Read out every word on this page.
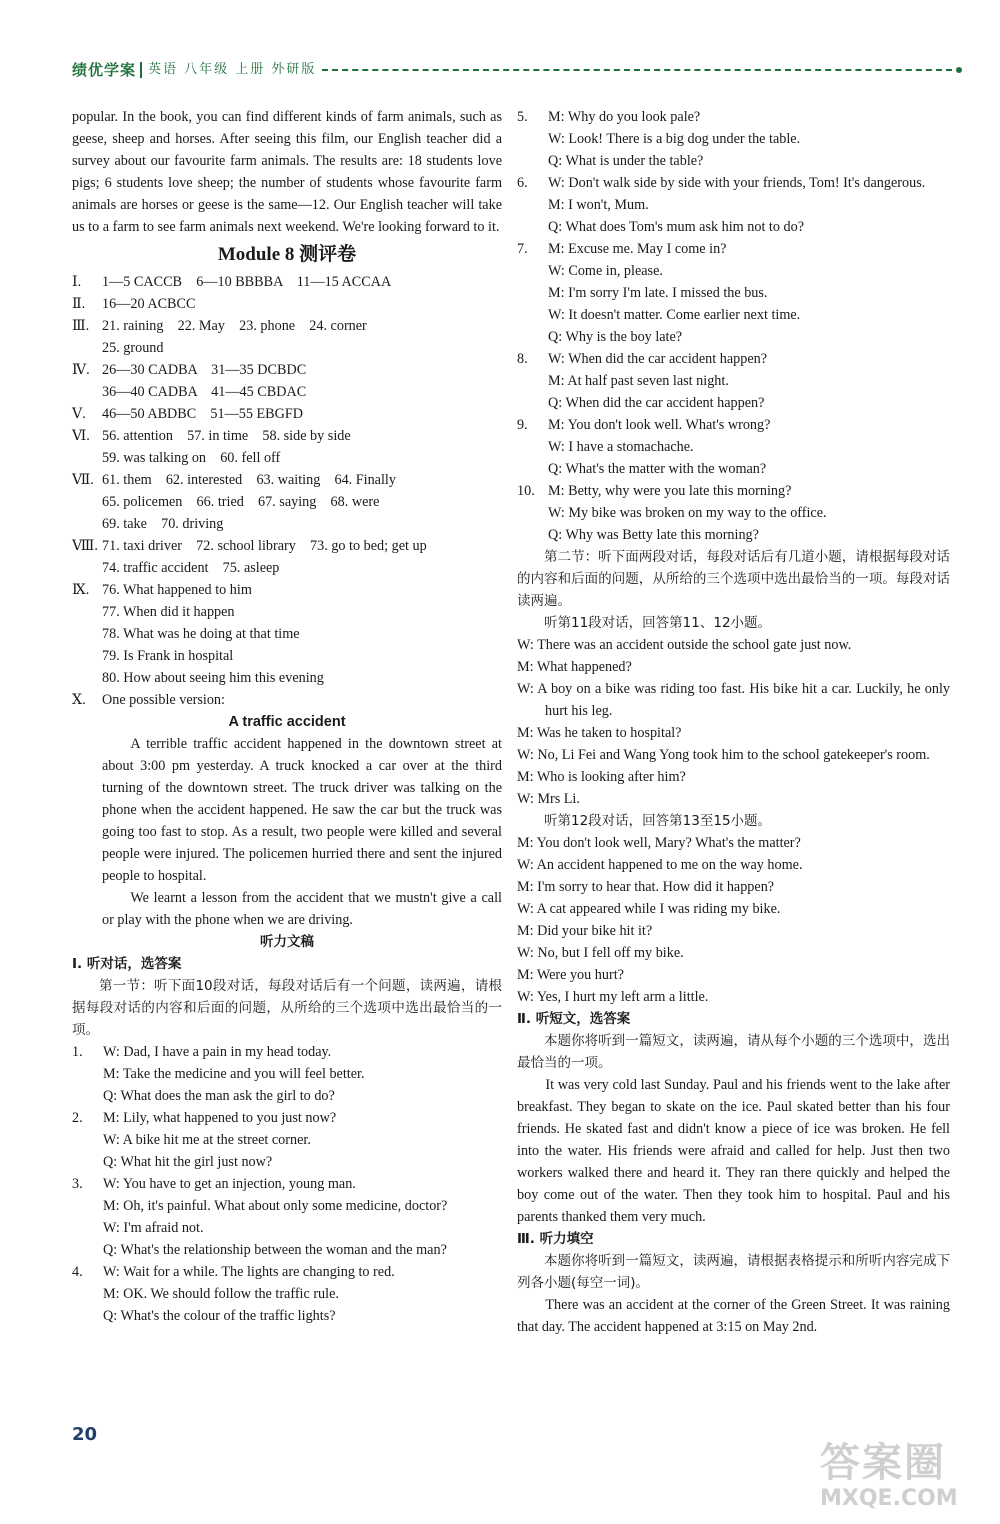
绩优学案 英语 八年级 上册 外研版
popular. In the book, you can find different kinds of farm animals, such as geese, sheep and horses. After seeing this film, our English teacher did a survey about our favourite farm animals. The results are: 18 students love pigs; 6 students love sheep; the number of students whose favourite farm animals are horses or geese is the same—12. Our English teacher will take us to a farm to see farm animals next weekend. We're looking forward to it.
Module 8 测评卷
Ⅰ.	1—5 CACCB　6—10 BBBBA　11—15 ACCAA
Ⅱ.	16—20 ACBCC
Ⅲ. 21. raining　22. May　23. phone　24. corner
25. ground
Ⅳ. 26—30 CADBA　31—35 DCBDC
36—40 CADBA　41—45 CBDAC
Ⅴ.	46—50 ABDBC　51—55 EBGFD
Ⅵ. 56. attention　57. in time　58. side by side
59. was talking on　60. fell off
Ⅶ. 61. them　62. interested　63. waiting　64. Finally
65. policemen　66. tried　67. saying　68. were
69. take　70. driving
Ⅷ. 71. taxi driver　72. school library　73. go to bed; get up
74. traffic accident　75. asleep
Ⅸ. 76. What happened to him
77. When did it happen
78. What was he doing at that time
79. Is Frank in hospital
80. How about seeing him this evening
Ⅹ.	One possible version:
A traffic accident
A terrible traffic accident happened in the downtown street at about 3:00 pm yesterday. A truck knocked a car over at the third turning of the downtown street. The truck driver was talking on the phone when the accident happened. He saw the car but the truck was going too fast to stop. As a result, two people were killed and several people were injured. The policemen hurried there and sent the injured people to hospital.
We learnt a lesson from the accident that we mustn't give a call or play with the phone when we are driving.
听力文稿
Ⅰ. 听对话，选答案
第一节：听下面10段对话，每段对话后有一个问题，读两遍，请根据每段对话的内容和后面的问题，从所给的三个选项中选出最恰当的一项。
1.	W: Dad, I have a pain in my head today.
M: Take the medicine and you will feel better.
Q: What does the man ask the girl to do?
2.	M: Lily, what happened to you just now?
W: A bike hit me at the street corner.
Q: What hit the girl just now?
3.	W: You have to get an injection, young man.
M: Oh, it's painful. What about only some medicine, doctor?
W: I'm afraid not.
Q: What's the relationship between the woman and the man?
4.	W: Wait for a while. The lights are changing to red.
M: OK. We should follow the traffic rule.
Q: What's the colour of the traffic lights?
5.	M: Why do you look pale?
W: Look! There is a big dog under the table.
Q: What is under the table?
6.	W: Don't walk side by side with your friends, Tom! It's dangerous.
M: I won't, Mum.
Q: What does Tom's mum ask him not to do?
7.	M: Excuse me. May I come in?
W: Come in, please.
M: I'm sorry I'm late. I missed the bus.
W: It doesn't matter. Come earlier next time.
Q: Why is the boy late?
8.	W: When did the car accident happen?
M: At half past seven last night.
Q: When did the car accident happen?
9.	M: You don't look well. What's wrong?
W: I have a stomachache.
Q: What's the matter with the woman?
10. M: Betty, why were you late this morning?
W: My bike was broken on my way to the office.
Q: Why was Betty late this morning?
第二节：听下面两段对话，每段对话后有几道小题，请根据每段对话的内容和后面的问题，从所给的三个选项中选出最恰当的一项。每段对话读两遍。
听第11段对话，回答第11、12小题。
W: There was an accident outside the school gate just now.
M: What happened?
W: A boy on a bike was riding too fast. His bike hit a car. Luckily, he only hurt his leg.
M: Was he taken to hospital?
W: No, Li Fei and Wang Yong took him to the school gatekeeper's room.
M: Who is looking after him?
W: Mrs Li.
听第12段对话，回答第13至15小题。
M: You don't look well, Mary? What's the matter?
W: An accident happened to me on the way home.
M: I'm sorry to hear that. How did it happen?
W: A cat appeared while I was riding my bike.
M: Did your bike hit it?
W: No, but I fell off my bike.
M: Were you hurt?
W: Yes, I hurt my left arm a little.
Ⅱ. 听短文，选答案
本题你将听到一篇短文，读两遍，请从每个小题的三个选项中，选出最恰当的一项。
It was very cold last Sunday. Paul and his friends went to the lake after breakfast. They began to skate on the ice. Paul skated better than his four friends. He skated fast and didn't know a piece of ice was broken. He fell into the water. His friends were afraid and called for help. Just then two workers walked there and heard it. They ran there quickly and helped the boy come out of the water. Then they took him to hospital. Paul and his parents thanked them very much.
Ⅲ. 听力填空
本题你将听到一篇短文，读两遍，请根据表格提示和所听内容完成下列各小题(每空一词)。
There was an accident at the corner of the Green Street. It was raining that day. The accident happened at 3:15 on May 2nd.
20
答案圈
MXQE.COM
